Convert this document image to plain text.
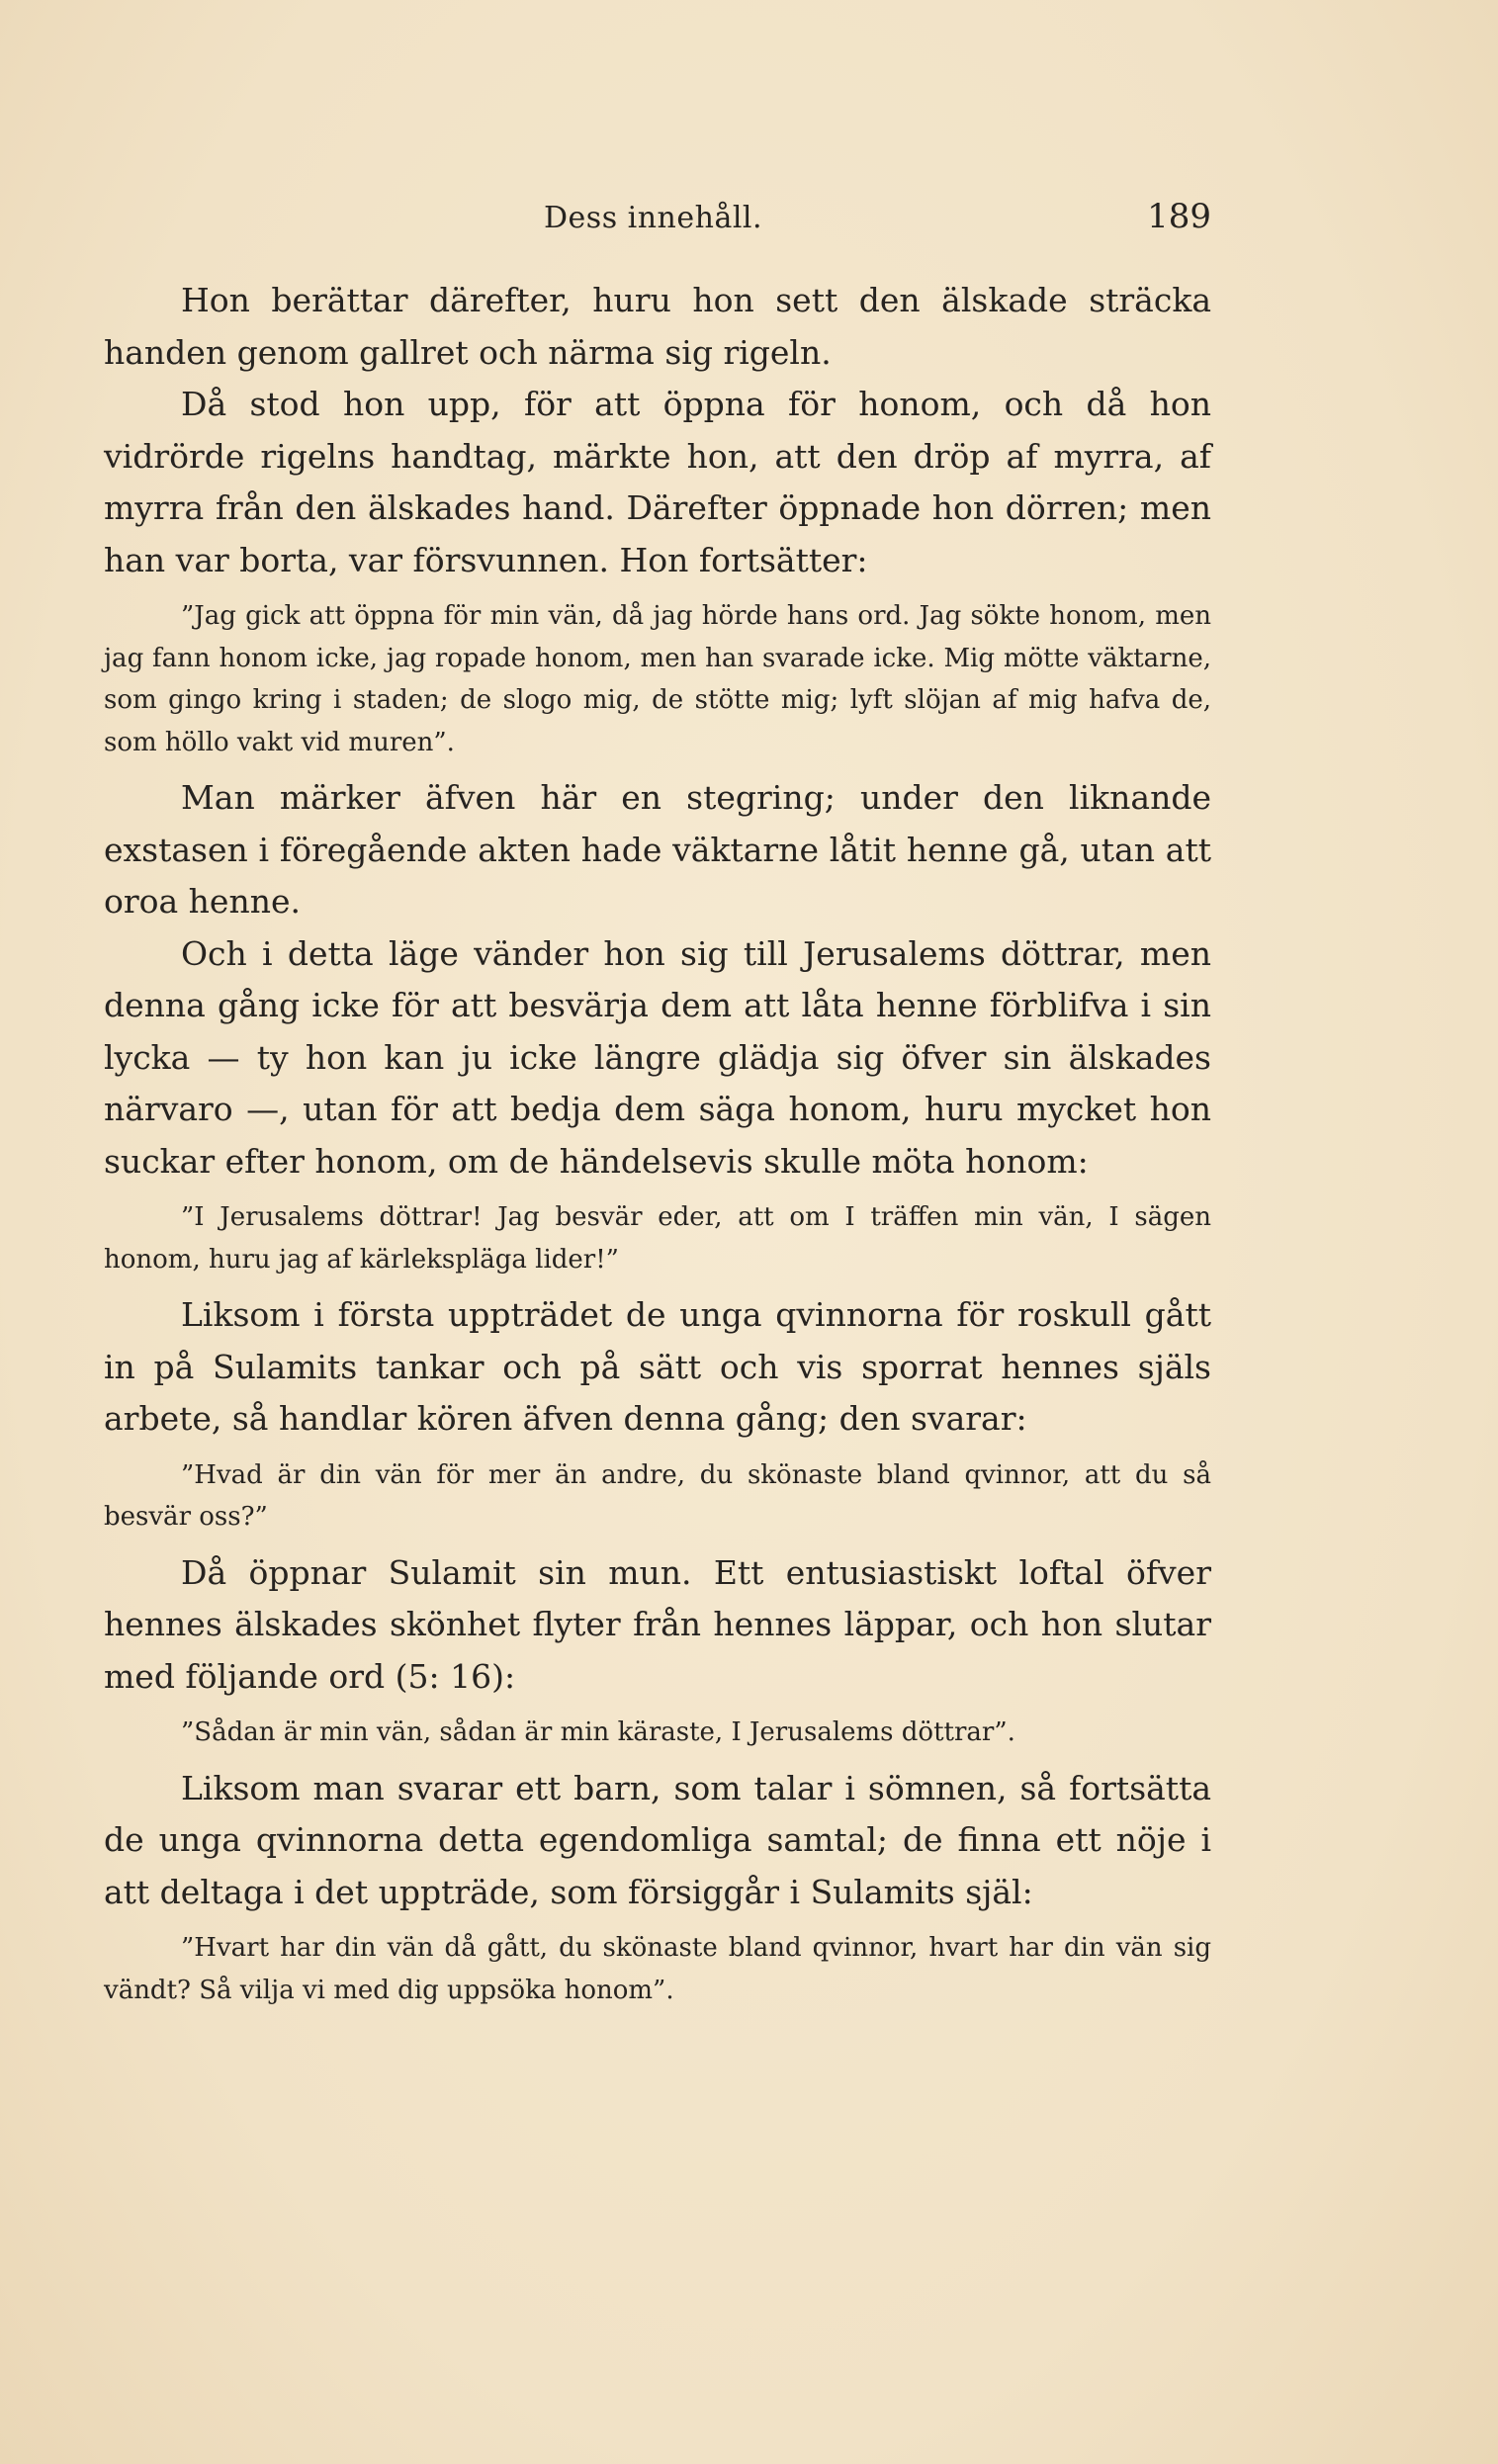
Dess innehåll.	189

Hon berättar därefter, huru hon sett den älskade sträcka handen genom gallret och närma sig rigeln.

Då stod hon upp, för att öppna för honom, och då hon vidrörde rigelns handtag, märkte hon, att den dröp af myrra, af myrra från den älskades hand. Därefter öppnade hon dörren; men han var borta, var försvunnen. Hon fortsätter:

”Jag gick att öppna för min vän, då jag hörde hans ord. Jag sökte honom, men jag fann honom icke, jag ropade honom, men han svarade icke. Mig mötte väktarne, som gingo kring i staden; de slogo mig, de stötte mig; lyft slöjan af mig hafva de, som höllo vakt vid muren”.

Man märker äfven här en stegring; under den liknande exstasen i föregående akten hade väktarne låtit henne gå, utan att oroa henne.

Och i detta läge vänder hon sig till Jerusalems döttrar, men denna gång icke för att besvärja dem att låta henne förblifva i sin lycka — ty hon kan ju icke längre glädja sig öfver sin älskades närvaro —, utan för att bedja dem säga honom, huru mycket hon suckar efter honom, om de händelsevis skulle möta honom:

”I Jerusalems döttrar! Jag besvär eder, att om I träffen min vän, I sägen honom, huru jag af kärlekspläga lider!”

Liksom i första uppträdet de unga qvinnorna för roskull gått in på Sulamits tankar och på sätt och vis sporrat hennes själs arbete, så handlar kören äfven denna gång; den svarar:

”Hvad är din vän för mer än andre, du skönaste bland qvinnor, att du så besvär oss?”

Då öppnar Sulamit sin mun. Ett entusiastiskt loftal öfver hennes älskades skönhet flyter från hennes läppar, och hon slutar med följande ord (5: 16):

”Sådan är min vän, sådan är min käraste, I Jerusalems döttrar”.

Liksom man svarar ett barn, som talar i sömnen, så fortsätta de unga qvinnorna detta egendomliga samtal; de finna ett nöje i att deltaga i det uppträde, som försiggår i Sulamits själ:

”Hvart har din vän då gått, du skönaste bland qvinnor, hvart har din vän sig vändt? Så vilja vi med dig uppsöka honom”.
